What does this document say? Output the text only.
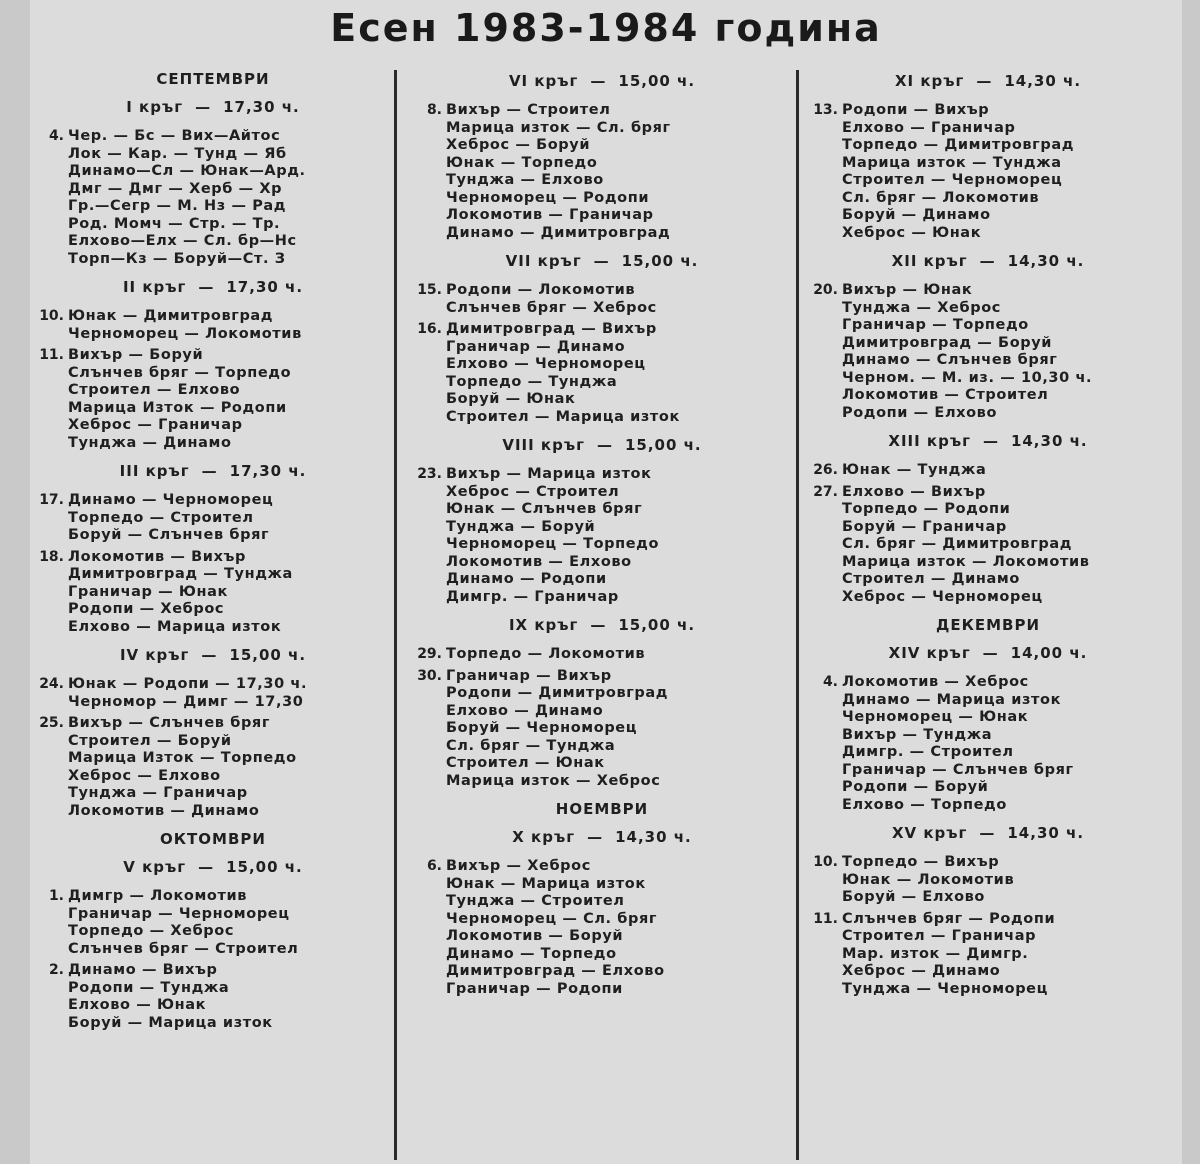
Есен 1983-1984 година
СЕПТЕМВРИ
I кръг — 17,30 ч.
4. Чер. — Бс — Вих—Айтос
Лок — Кар. — Тунд — Яб
Динамо—Сл — Юнак—Ард.
Дмг — Дмг — Херб — Хр
Гр.—Сегр — М. Нз — Рад
Род. Момч — Стр. — Тр.
Елхово—Елх — Сл. бр—Нс
Торп—Кз — Боруй—Ст. З
II кръг — 17,30 ч.
10. Юнак — Димитровград
Черноморец — Локомотив
11. Вихър — Боруй
Слънчев бряг — Торпедо
Строител — Елхово
Марица Изток — Родопи
Хеброс — Граничар
Тунджа — Динамо
III кръг — 17,30 ч.
17. Динамо — Черноморец
Торпедо — Строител
Боруй — Слънчев бряг
18. Локомотив — Вихър
Димитровград — Тунджа
Граничар — Юнак
Родопи — Хеброс
Елхово — Марица изток
IV кръг — 15,00 ч.
24. Юнак — Родопи — 17,30 ч.
Черномор — Димг — 17,30
25. Вихър — Слънчев бряг
Строител — Боруй
Марица Изток — Торпедо
Хеброс — Елхово
Тунджа — Граничар
Локомотив — Динамо
ОКТОМВРИ
V кръг — 15,00 ч.
1. Димгр — Локомотив
Граничар — Черноморец
Торпедо — Хеброс
Слънчев бряг — Строител
2. Динамо — Вихър
Родопи — Тунджа
Елхово — Юнак
Боруй — Марица изток
VI кръг — 15,00 ч.
8. Вихър — Строител
Марица изток — Сл. бряг
Хеброс — Боруй
Юнак — Торпедо
Тунджа — Елхово
Черноморец — Родопи
Локомотив — Граничар
Динамо — Димитровград
VII кръг — 15,00 ч.
15. Родопи — Локомотив
Слънчев бряг — Хеброс
16. Димитровград — Вихър
Граничар — Динамо
Елхово — Черноморец
Торпедо — Тунджа
Боруй — Юнак
Строител — Марица изток
VIII кръг — 15,00 ч.
23. Вихър — Марица изток
Хеброс — Строител
Юнак — Слънчев бряг
Тунджа — Боруй
Черноморец — Торпедо
Локомотив — Елхово
Динамо — Родопи
Димгр. — Граничар
IX кръг — 15,00 ч.
29. Торпедо — Локомотив
30. Граничар — Вихър
Родопи — Димитровград
Елхово — Динамо
Боруй — Черноморец
Сл. бряг — Тунджа
Строител — Юнак
Марица изток — Хеброс
НОЕМВРИ
X кръг — 14,30 ч.
6. Вихър — Хеброс
Юнак — Марица изток
Тунджа — Строител
Черноморец — Сл. бряг
Локомотив — Боруй
Динамо — Торпедо
Димитровград — Елхово
Граничар — Родопи
XI кръг — 14,30 ч.
13. Родопи — Вихър
Елхово — Граничар
Торпедо — Димитровград
Марица изток — Тунджа
Строител — Черноморец
Сл. бряг — Локомотив
Боруй — Динамо
Хеброс — Юнак
XII кръг — 14,30 ч.
20. Вихър — Юнак
Тунджа — Хеброс
Граничар — Торпедо
Димитровград — Боруй
Динамо — Слънчев бряг
Черном. — М. из. — 10,30 ч.
Локомотив — Строител
Родопи — Елхово
XIII кръг — 14,30 ч.
26. Юнак — Тунджа
27. Елхово — Вихър
Торпедо — Родопи
Боруй — Граничар
Сл. бряг — Димитровград
Марица изток — Локомотив
Строител — Динамо
Хеброс — Черноморец
ДЕКЕМВРИ
XIV кръг — 14,00 ч.
4. Локомотив — Хеброс
Динамо — Марица изток
Черноморец — Юнак
Вихър — Тунджа
Димгр. — Строител
Граничар — Слънчев бряг
Родопи — Боруй
Елхово — Торпедо
XV кръг — 14,30 ч.
10. Торпедо — Вихър
Юнак — Локомотив
Боруй — Елхово
11. Слънчев бряг — Родопи
Строител — Граничар
Мар. изток — Димгр.
Хеброс — Динамо
Тунджа — Черноморец
